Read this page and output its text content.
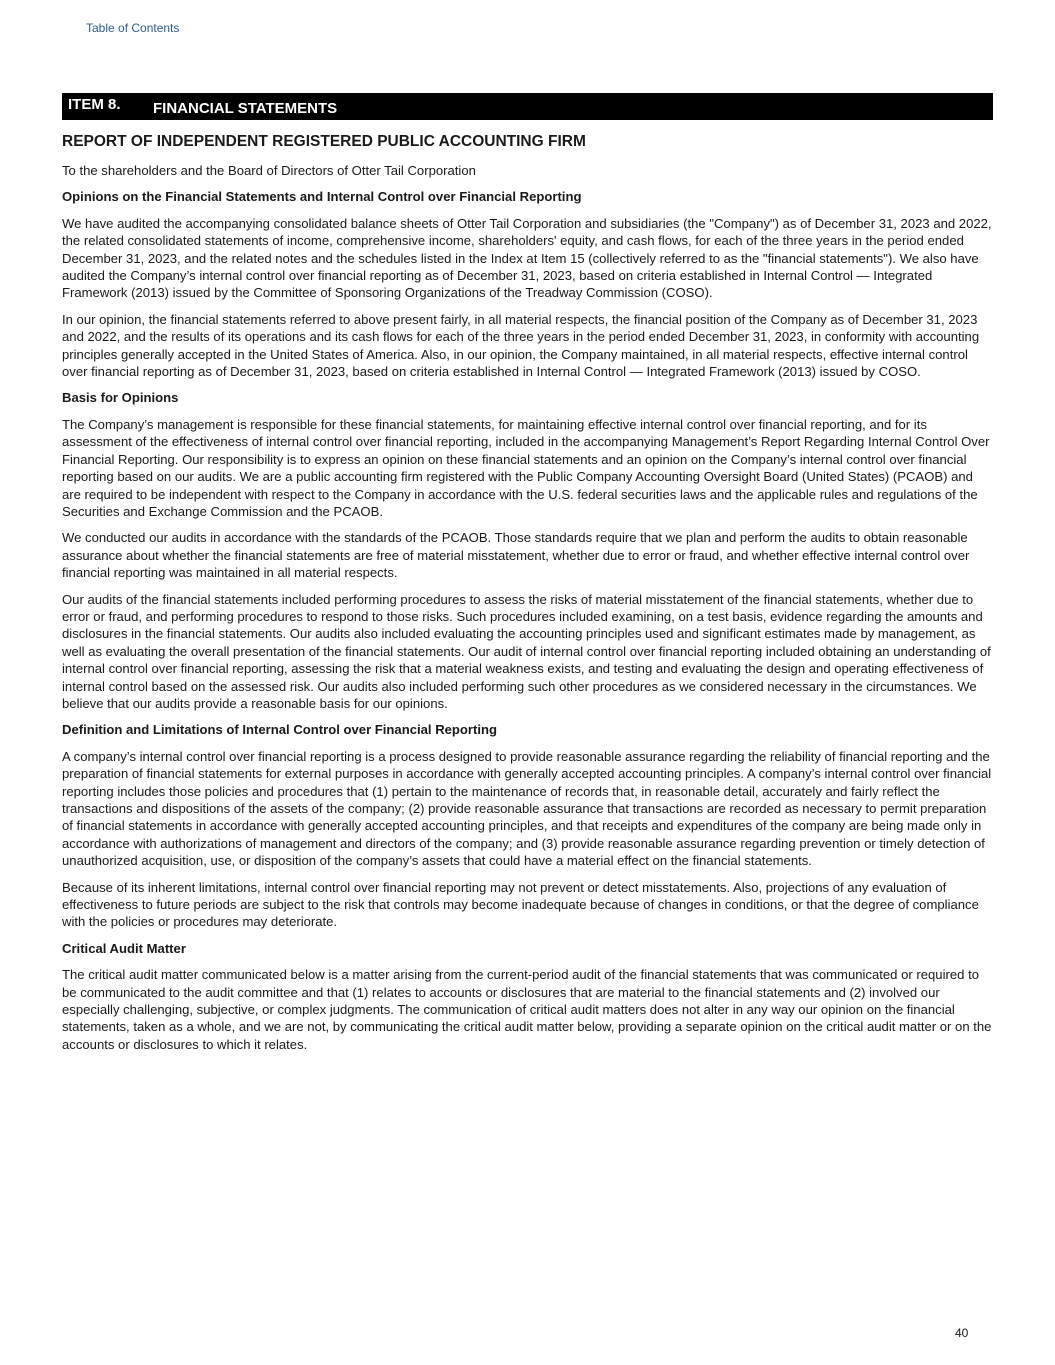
Table of Contents
ITEM 8.	FINANCIAL STATEMENTS
REPORT OF INDEPENDENT REGISTERED PUBLIC ACCOUNTING FIRM

To the shareholders and the Board of Directors of Otter Tail Corporation

Opinions on the Financial Statements and Internal Control over Financial Reporting

We have audited the accompanying consolidated balance sheets of Otter Tail Corporation and subsidiaries (the "Company") as of December 31, 2023 and 2022, the related consolidated statements of income, comprehensive income, shareholders' equity, and cash flows, for each of the three years in the period ended December 31, 2023, and the related notes and the schedules listed in the Index at Item 15 (collectively referred to as the "financial statements"). We also have audited the Company’s internal control over financial reporting as of December 31, 2023, based on criteria established in Internal Control — Integrated Framework (2013) issued by the Committee of Sponsoring Organizations of the Treadway Commission (COSO).

In our opinion, the financial statements referred to above present fairly, in all material respects, the financial position of the Company as of December 31, 2023 and 2022, and the results of its operations and its cash flows for each of the three years in the period ended December 31, 2023, in conformity with accounting principles generally accepted in the United States of America. Also, in our opinion, the Company maintained, in all material respects, effective internal control over financial reporting as of December 31, 2023, based on criteria established in Internal Control — Integrated Framework (2013) issued by COSO.

Basis for Opinions

The Company’s management is responsible for these financial statements, for maintaining effective internal control over financial reporting, and for its assessment of the effectiveness of internal control over financial reporting, included in the accompanying Management’s Report Regarding Internal Control Over Financial Reporting. Our responsibility is to express an opinion on these financial statements and an opinion on the Company’s internal control over financial reporting based on our audits. We are a public accounting firm registered with the Public Company Accounting Oversight Board (United States) (PCAOB) and are required to be independent with respect to the Company in accordance with the U.S. federal securities laws and the applicable rules and regulations of the Securities and Exchange Commission and the PCAOB.

We conducted our audits in accordance with the standards of the PCAOB. Those standards require that we plan and perform the audits to obtain reasonable assurance about whether the financial statements are free of material misstatement, whether due to error or fraud, and whether effective internal control over financial reporting was maintained in all material respects.

Our audits of the financial statements included performing procedures to assess the risks of material misstatement of the financial statements, whether due to error or fraud, and performing procedures to respond to those risks. Such procedures included examining, on a test basis, evidence regarding the amounts and disclosures in the financial statements. Our audits also included evaluating the accounting principles used and significant estimates made by management, as well as evaluating the overall presentation of the financial statements. Our audit of internal control over financial reporting included obtaining an understanding of internal control over financial reporting, assessing the risk that a material weakness exists, and testing and evaluating the design and operating effectiveness of internal control based on the assessed risk. Our audits also included performing such other procedures as we considered necessary in the circumstances. We believe that our audits provide a reasonable basis for our opinions.

Definition and Limitations of Internal Control over Financial Reporting

A company’s internal control over financial reporting is a process designed to provide reasonable assurance regarding the reliability of financial reporting and the preparation of financial statements for external purposes in accordance with generally accepted accounting principles. A company’s internal control over financial reporting includes those policies and procedures that (1) pertain to the maintenance of records that, in reasonable detail, accurately and fairly reflect the transactions and dispositions of the assets of the company; (2) provide reasonable assurance that transactions are recorded as necessary to permit preparation of financial statements in accordance with generally accepted accounting principles, and that receipts and expenditures of the company are being made only in accordance with authorizations of management and directors of the company; and (3) provide reasonable assurance regarding prevention or timely detection of unauthorized acquisition, use, or disposition of the company’s assets that could have a material effect on the financial statements.

Because of its inherent limitations, internal control over financial reporting may not prevent or detect misstatements. Also, projections of any evaluation of effectiveness to future periods are subject to the risk that controls may become inadequate because of changes in conditions, or that the degree of compliance with the policies or procedures may deteriorate.

Critical Audit Matter

The critical audit matter communicated below is a matter arising from the current-period audit of the financial statements that was communicated or required to be communicated to the audit committee and that (1) relates to accounts or disclosures that are material to the financial statements and (2) involved our especially challenging, subjective, or complex judgments. The communication of critical audit matters does not alter in any way our opinion on the financial statements, taken as a whole, and we are not, by communicating the critical audit matter below, providing a separate opinion on the critical audit matter or on the accounts or disclosures to which it relates.

40
